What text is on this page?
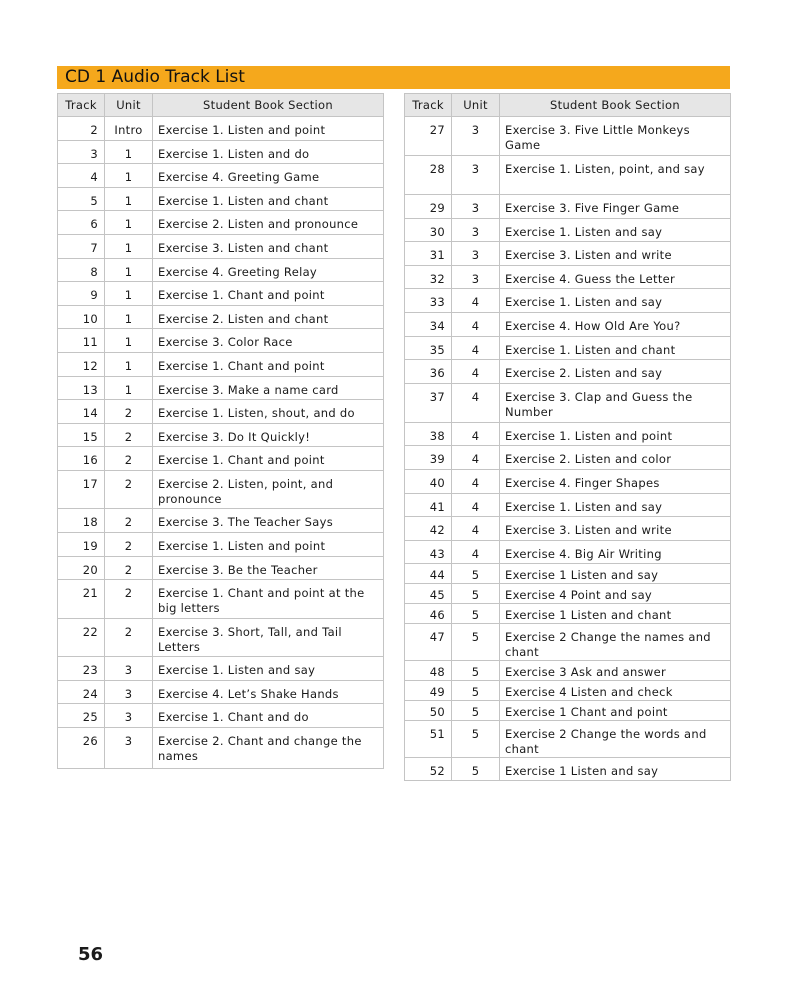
CD 1 Audio Track List
Track	Unit	Student Book Section

2	Intro	Exercise 1. Listen and point

3	1	Exercise 1. Listen and do

4	1	Exercise 4. Greeting Game

5	1	Exercise 1. Listen and chant

6	1	Exercise 2. Listen and pronounce

7	1	Exercise 3. Listen and chant

8	1	Exercise 4. Greeting Relay

9	1	Exercise 1. Chant and point

10	1	Exercise 2. Listen and chant

11	1	Exercise 3. Color Race

12	1	Exercise 1. Chant and point

13	1	Exercise 3. Make a name card

14	2	Exercise 1. Listen, shout, and do

15	2	Exercise 3. Do It Quickly!

16	2	Exercise 1. Chant and point

17	2	Exercise 2. Listen, point, and pronounce

18	2	Exercise 3. The Teacher Says

19	2	Exercise 1. Listen and point

20	2	Exercise 3. Be the Teacher

21	2	Exercise 1. Chant and point at the big letters

22	2	Exercise 3. Short, Tall, and Tail Letters

23	3	Exercise 1. Listen and say

24	3	Exercise 4. Let’s Shake Hands

25	3	Exercise 1. Chant and do

26	3	Exercise 2. Chant and change the names
Track	Unit	Student Book Section

27	3	Exercise 3. Five Little Monkeys Game

28	3	Exercise 1. Listen, point, and say

29	3	Exercise 3. Five Finger Game

30	3	Exercise 1. Listen and say

31	3	Exercise 3. Listen and write

32	3	Exercise 4. Guess the Letter

33	4	Exercise 1. Listen and say

34	4	Exercise 4. How Old Are You?

35	4	Exercise 1. Listen and chant

36	4	Exercise 2. Listen and say

37	4	Exercise 3. Clap and Guess the Number

38	4	Exercise 1. Listen and point

39	4	Exercise 2. Listen and color

40	4	Exercise 4. Finger Shapes

41	4	Exercise 1. Listen and say

42	4	Exercise 3. Listen and write

43	4	Exercise 4. Big Air Writing

44	5	Exercise 1 Listen and say

45	5	Exercise 4 Point and say

46	5	Exercise 1 Listen and chant

47	5	Exercise 2 Change the names and chant

48	5	Exercise 3 Ask and answer

49	5	Exercise 4 Listen and check

50	5	Exercise 1 Chant and point

51	5	Exercise 2 Change the words and chant

52	5	Exercise 1 Listen and say
56
